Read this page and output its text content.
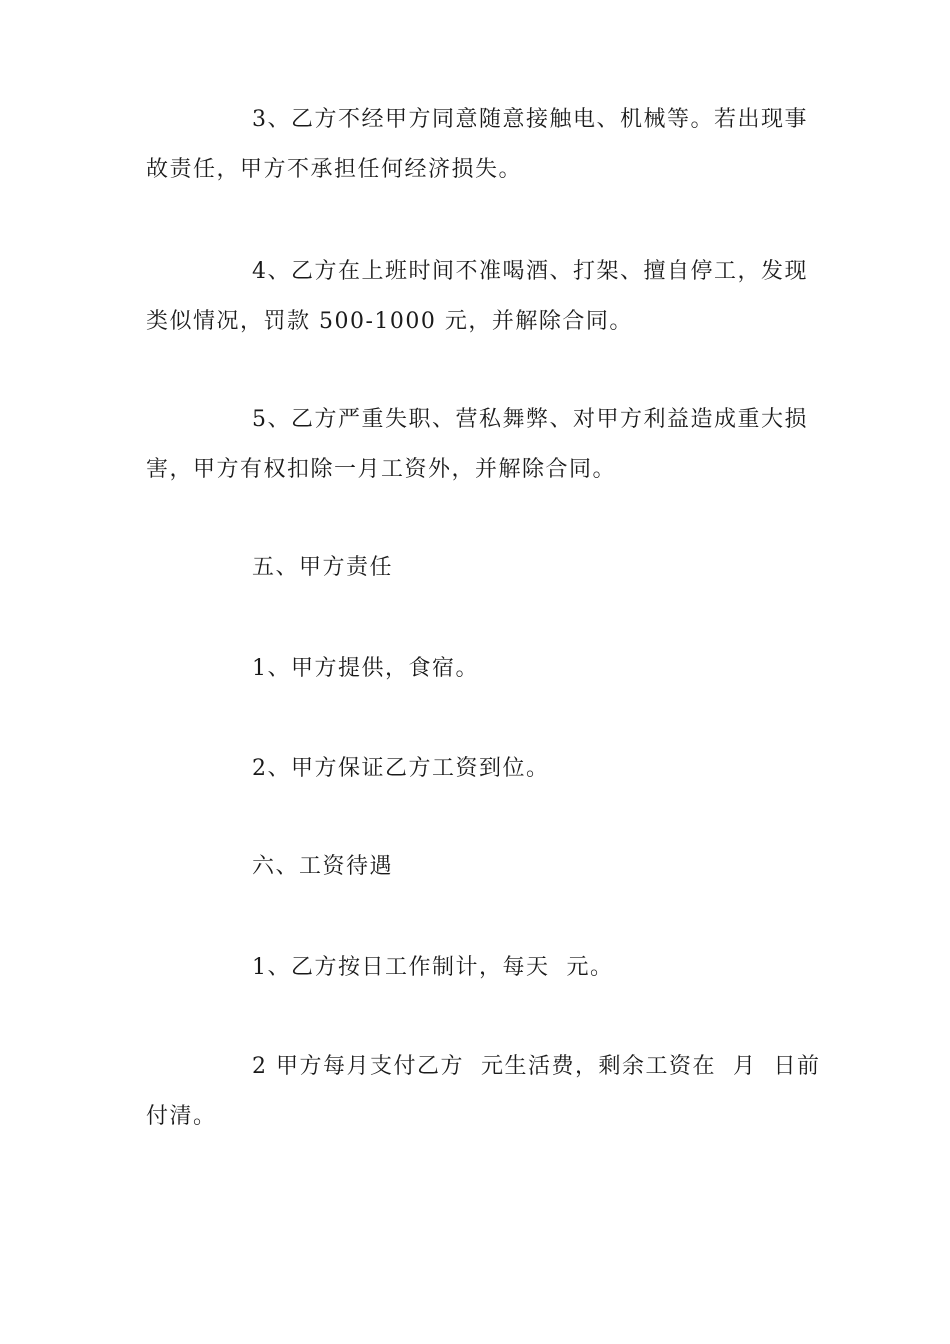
3、乙方不经甲方同意随意接触电、机械等。若出现事
故责任，甲方不承担任何经济损失。
4、乙方在上班时间不准喝酒、打架、擅自停工，发现
类似情况，罚款 500-1000 元，并解除合同。
5、乙方严重失职、营私舞弊、对甲方利益造成重大损
害，甲方有权扣除一月工资外，并解除合同。
五、甲方责任
1、甲方提供，食宿。
2、甲方保证乙方工资到位。
六、工资待遇
1、乙方按日工作制计，每天  元。
2 甲方每月支付乙方  元生活费，剩余工资在  月  日前
付清。
